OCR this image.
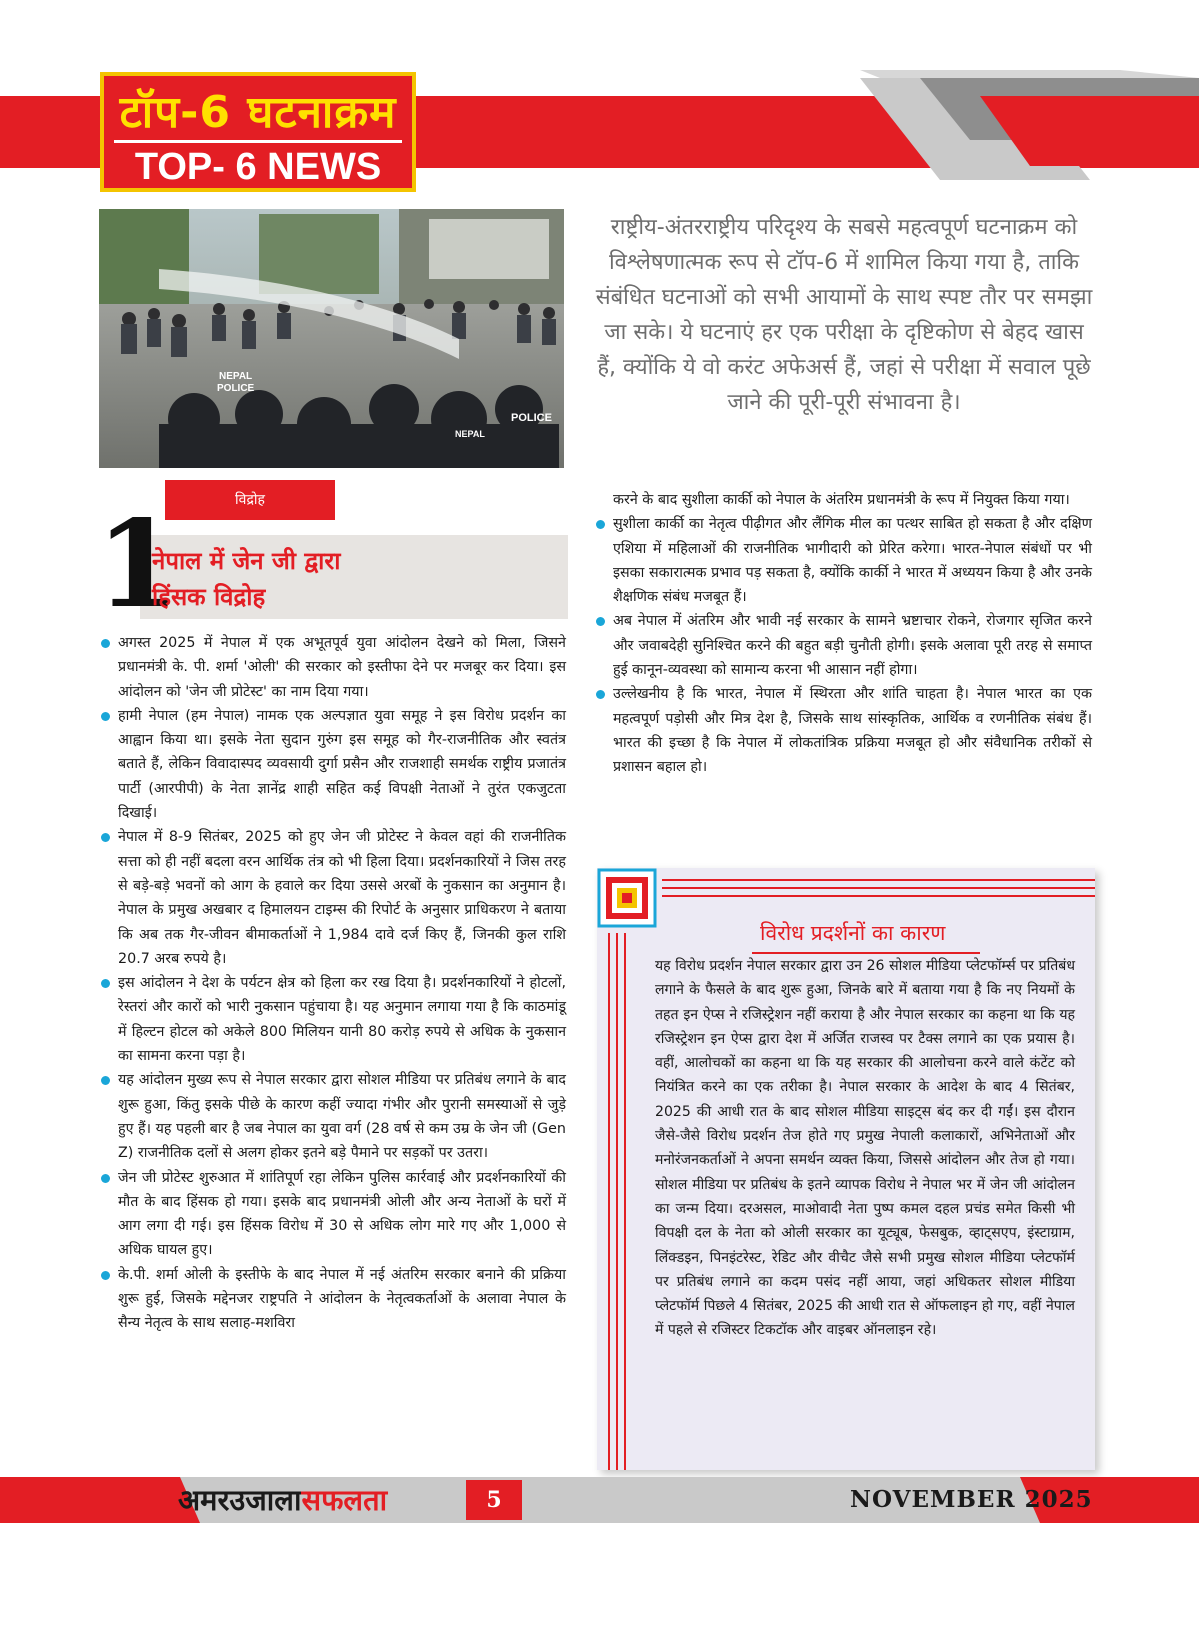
टॉप-6 घटनाक्रम
TOP- 6 NEWS
NEPAL
POLICE
POLICE
NEPAL
राष्ट्रीय-अंतरराष्ट्रीय परिदृश्य के सबसे महत्वपूर्ण घटनाक्रम को विश्लेषणात्मक रूप से टॉप-6 में शामिल किया गया है, ताकि संबंधित घटनाओं को सभी आयामों के साथ स्पष्ट तौर पर समझा जा सके। ये घटनाएं हर एक परीक्षा के दृष्टिकोण से बेहद खास हैं, क्योंकि ये वो करंट अफेअर्स हैं, जहां से परीक्षा में सवाल पूछे जाने की पूरी-पूरी संभावना है।
विद्रोह
1
नेपाल में जेन जी द्वारा
हिंसक विद्रोह

अगस्त 2025 में नेपाल में एक अभूतपूर्व युवा आंदोलन देखने को मिला, जिसने प्रधानमंत्री के. पी. शर्मा 'ओली' की सरकार को इस्तीफा देने पर मजबूर कर दिया। इस आंदोलन को 'जेन जी प्रोटेस्ट' का नाम दिया गया।

हामी नेपाल (हम नेपाल) नामक एक अल्पज्ञात युवा समूह ने इस विरोध प्रदर्शन का आह्वान किया था। इसके नेता सुदान गुरुंग इस समूह को गैर-राजनीतिक और स्वतंत्र बताते हैं, लेकिन विवादास्पद व्यवसायी दुर्गा प्रसैन और राजशाही समर्थक राष्ट्रीय प्रजातंत्र पार्टी (आरपीपी) के नेता ज्ञानेंद्र शाही सहित कई विपक्षी नेताओं ने तुरंत एकजुटता दिखाई।

नेपाल में 8-9 सितंबर, 2025 को हुए जेन जी प्रोटेस्ट ने केवल वहां की राजनीतिक सत्ता को ही नहीं बदला वरन आर्थिक तंत्र को भी हिला दिया। प्रदर्शनकारियों ने जिस तरह से बड़े-बड़े भवनों को आग के हवाले कर दिया उससे अरबों के नुकसान का अनुमान है। नेपाल के प्रमुख अखबार द हिमालयन टाइम्स की रिपोर्ट के अनुसार प्राधिकरण ने बताया कि अब तक गैर-जीवन बीमाकर्ताओं ने 1,984 दावे दर्ज किए हैं, जिनकी कुल राशि 20.7 अरब रुपये है।

इस आंदोलन ने देश के पर्यटन क्षेत्र को हिला कर रख दिया है। प्रदर्शनकारियों ने होटलों, रेस्तरां और कारों को भारी नुकसान पहुंचाया है। यह अनुमान लगाया गया है कि काठमांडू में हिल्टन होटल को अकेले 800 मिलियन यानी 80 करोड़ रुपये से अधिक के नुकसान का सामना करना पड़ा है।

यह आंदोलन मुख्य रूप से नेपाल सरकार द्वारा सोशल मीडिया पर प्रतिबंध लगाने के बाद शुरू हुआ, किंतु इसके पीछे के कारण कहीं ज्यादा गंभीर और पुरानी समस्याओं से जुड़े हुए हैं। यह पहली बार है जब नेपाल का युवा वर्ग (28 वर्ष से कम उम्र के जेन जी (Gen Z) राजनीतिक दलों से अलग होकर इतने बड़े पैमाने पर सड़कों पर उतरा।

जेन जी प्रोटेस्ट शुरुआत में शांतिपूर्ण रहा लेकिन पुलिस कार्रवाई और प्रदर्शनकारियों की मौत के बाद हिंसक हो गया। इसके बाद प्रधानमंत्री ओली और अन्य नेताओं के घरों में आग लगा दी गई। इस हिंसक विरोध में 30 से अधिक लोग मारे गए और 1,000 से अधिक घायल हुए।

के.पी. शर्मा ओली के इस्तीफे के बाद नेपाल में नई अंतरिम सरकार बनाने की प्रक्रिया शुरू हुई, जिसके मद्देनजर राष्ट्रपति ने आंदोलन के नेतृत्वकर्ताओं के अलावा नेपाल के सैन्य नेतृत्व के साथ सलाह-मशविरा

करने के बाद सुशीला कार्की को नेपाल के अंतरिम प्रधानमंत्री के रूप में नियुक्त किया गया।

सुशीला कार्की का नेतृत्व पीढ़ीगत और लैंगिक मील का पत्थर साबित हो सकता है और दक्षिण एशिया में महिलाओं की राजनीतिक भागीदारी को प्रेरित करेगा। भारत-नेपाल संबंधों पर भी इसका सकारात्मक प्रभाव पड़ सकता है, क्योंकि कार्की ने भारत में अध्ययन किया है और उनके शैक्षणिक संबंध मजबूत हैं।

अब नेपाल में अंतरिम और भावी नई सरकार के सामने भ्रष्टाचार रोकने, रोजगार सृजित करने और जवाबदेही सुनिश्चित करने की बहुत बड़ी चुनौती होगी। इसके अलावा पूरी तरह से समाप्त हुई कानून-व्यवस्था को सामान्य करना भी आसान नहीं होगा।

उल्लेखनीय है कि भारत, नेपाल में स्थिरता और शांति चाहता है। नेपाल भारत का एक महत्वपूर्ण पड़ोसी और मित्र देश है, जिसके साथ सांस्कृतिक, आर्थिक व रणनीतिक संबंध हैं। भारत की इच्छा है कि नेपाल में लोकतांत्रिक प्रक्रिया मजबूत हो और संवैधानिक तरीकों से प्रशासन बहाल हो।

विरोध प्रदर्शनों का कारण
यह विरोध प्रदर्शन नेपाल सरकार द्वारा उन 26 सोशल मीडिया प्लेटफॉर्म्स पर प्रतिबंध लगाने के फैसले के बाद शुरू हुआ, जिनके बारे में बताया गया है कि नए नियमों के तहत इन ऐप्स ने रजिस्ट्रेशन नहीं कराया है और नेपाल सरकार का कहना था कि यह रजिस्ट्रेशन इन ऐप्स द्वारा देश में अर्जित राजस्व पर टैक्स लगाने का एक प्रयास है। वहीं, आलोचकों का कहना था कि यह सरकार की आलोचना करने वाले कंटेंट को नियंत्रित करने का एक तरीका है। नेपाल सरकार के आदेश के बाद 4 सितंबर, 2025 की आधी रात के बाद सोशल मीडिया साइट्स बंद कर दी गईं। इस दौरान जैसे-जैसे विरोध प्रदर्शन तेज होते गए प्रमुख नेपाली कलाकारों, अभिनेताओं और मनोरंजनकर्ताओं ने अपना समर्थन व्यक्त किया, जिससे आंदोलन और तेज हो गया। सोशल मीडिया पर प्रतिबंध के इतने व्यापक विरोध ने नेपाल भर में जेन जी आंदोलन का जन्म दिया। दरअसल, माओवादी नेता पुष्प कमल दहल प्रचंड समेत किसी भी विपक्षी दल के नेता को ओली सरकार का यूट्यूब, फेसबुक, व्हाट्सएप, इंस्टाग्राम, लिंक्डइन, पिनइंटरेस्ट, रेडिट और वीचैट जैसे सभी प्रमुख सोशल मीडिया प्लेटफॉर्म पर प्रतिबंध लगाने का कदम पसंद नहीं आया, जहां अधिकतर सोशल मीडिया प्लेटफॉर्म पिछले 4 सितंबर, 2025 की आधी रात से ऑफलाइन हो गए, वहीं नेपाल में पहले से रजिस्टर टिकटॉक और वाइबर ऑनलाइन रहे।
अमरउजालासफलता	5	NOVEMBER 2025
